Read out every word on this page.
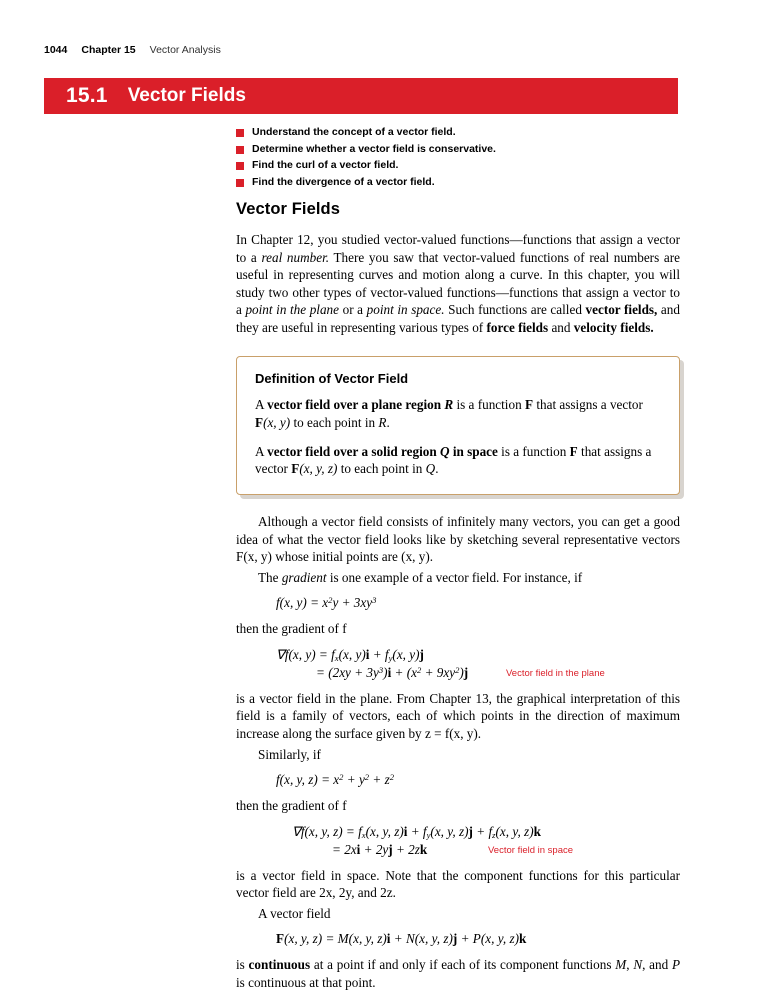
1044 Chapter 15 Vector Analysis
15.1 Vector Fields
Understand the concept of a vector field.
Determine whether a vector field is conservative.
Find the curl of a vector field.
Find the divergence of a vector field.
Vector Fields

In Chapter 12, you studied vector-valued functions—functions that assign a vector to a real number. There you saw that vector-valued functions of real numbers are useful in representing curves and motion along a curve. In this chapter, you will study two other types of vector-valued functions—functions that assign a vector to a point in the plane or a point in space. Such functions are called vector fields, and they are useful in representing various types of force fields and velocity fields.

Definition of Vector Field

A vector field over a plane region R is a function F that assigns a vector
F(x, y) to each point in R.

A vector field over a solid region Q in space is a function F that assigns a
vector F(x, y, z) to each point in Q.

Although a vector field consists of infinitely many vectors, you can get a good idea of what the vector field looks like by sketching several representative vectors F(x, y) whose initial points are (x, y).

The gradient is one example of a vector field. For instance, if

f(x, $y) = x^2y + 3xy^3$

then the gradient of f

∇f(x, $y) = f_x(x$, $y)i + f_y(x$, y)j
= $(2xy + 3y^3)i + (x^2 + 9xy^2)j$	Vector field in the plane

is a vector field in the plane. From Chapter 13, the graphical interpretation of this field is a family of vectors, each of which points in the direction of maximum increase along the surface given by z = f(x, y).

Similarly, if

f(x, y, $z) = x^2 + y^2 + z^2$

then the gradient of f

∇f(x, y, $z) = f_x(x$, y, $z)i + f_y(x$, y, $z)j + f_z(x$, y, z)k
= 2xi + 2yj + 2zk	Vector field in space

is a vector field in space. Note that the component functions for this particular vector field are 2x, 2y, and 2z.

A vector field

F(x, y, z) = M(x, y, z)i + N(x, y, z)j + P(x, y, z)k

is continuous at a point if and only if each of its component functions M, N, and P is continuous at that point.
